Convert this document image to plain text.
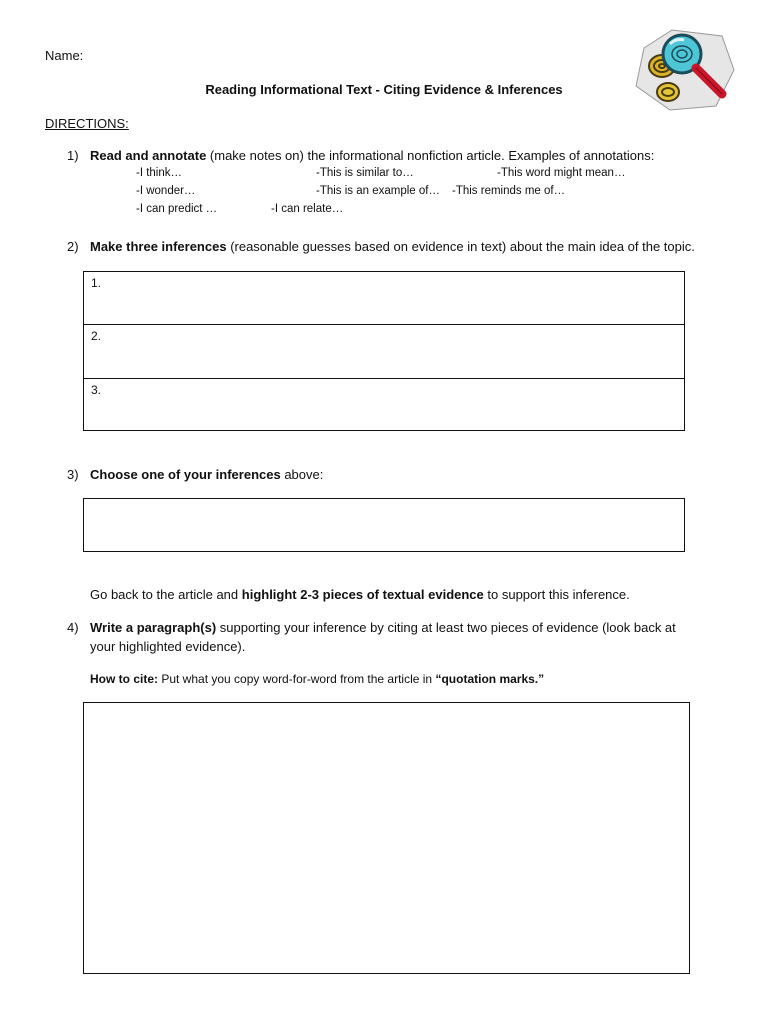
Name:
Reading Informational Text - Citing Evidence & Inferences
DIRECTIONS:
1) Read and annotate (make notes on) the informational nonfiction article. Examples of annotations:
-I think…	-This is similar to…	-This word might mean…
-I wonder…	-This is an example of… -This reminds me of…
-I can predict …	-I can relate…
2) Make three inferences (reasonable guesses based on evidence in text) about the main idea of the topic.
1.
2.
3.
3) Choose one of your inferences above:
Go back to the article and highlight 2-3 pieces of textual evidence to support this inference.
4) Write a paragraph(s) supporting your inference by citing at least two pieces of evidence (look back at
your highlighted evidence).
How to cite: Put what you copy word-for-word from the article in “quotation marks.”
